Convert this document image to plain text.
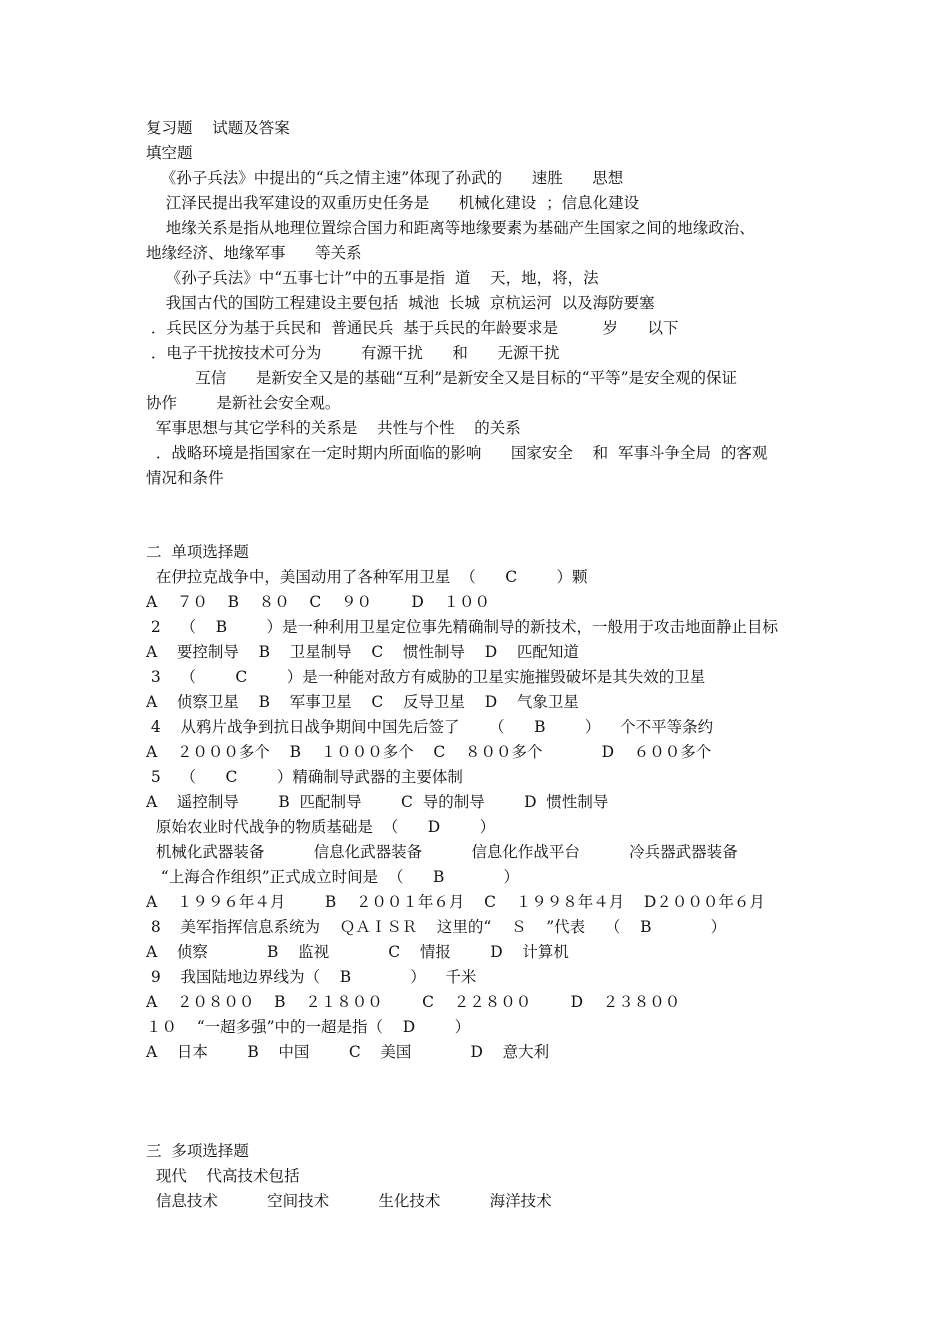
复习题    试题及答案
填空题
《孙子兵法》中提出的“兵之情主速”体现了孙武的      速胜      思想
江泽民提出我军建设的双重历史任务是      机械化建设  ；信息化建设
地缘关系是指从地理位置综合国力和距离等地缘要素为基础产生国家之间的地缘政治、
地缘经济、地缘军事      等关系
《孙子兵法》中“五事七计”中的五事是指  道    天，地，将，法
我国古代的国防工程建设主要包括  城池  长城  京杭运河  以及海防要塞
．兵民区分为基于兵民和  普通民兵  基于兵民的年龄要求是         岁      以下
．电子干扰按技术可分为        有源干扰      和      无源干扰
互信      是新安全又是的基础“互利”是新安全又是目标的“平等”是安全观的保证
协作        是新社会安全观。
军事思想与其它学科的关系是    共性与个性    的关系
．战略环境是指国家在一定时期内所面临的影响      国家安全    和  军事斗争全局  的客观
情况和条件
二  单项选择题
在伊拉克战争中，美国动用了各种军用卫星  （      C        ）颗
A    ７０    B    ８０    C    ９０        D    １００
2    （    B        ）是一种利用卫星定位事先精确制导的新技术，一般用于攻击地面静止目标
A    要控制导    B    卫星制导    C    惯性制导    D    匹配知道
3    （        C        ）是一种能对敌方有威胁的卫星实施摧毁破坏是其失效的卫星
A    侦察卫星    B    军事卫星    C    反导卫星    D    气象卫星
4    从鸦片战争到抗日战争期间中国先后签了      （      B        ）    个不平等条约
A    ２０００多个    B    １０００多个    C    ８００多个            D    ６００多个
5    （      C        ）精确制导武器的主要体制
A    遥控制导        B  匹配制导        C  导的制导        D  惯性制导
原始农业时代战争的物质基础是  （      D        ）
机械化武器装备          信息化武器装备          信息化作战平台          冷兵器武器装备
“上海合作组织”正式成立时间是  （      B            ）
A    １９９６年４月        B    ２００１年６月    C    １９９８年４月    D２０００年６月
8    美军指挥信息系统为    ＱＡＩＳＲ    这里的“    Ｓ    ”代表    （    B            ）
A    侦察            B    监视            C    情报        D    计算机
9    我国陆地边界线为（    B            ）    千米
A    ２０８００    B    ２１８００        C    ２２８００        D    ２３８００
１０    “一超多强”中的一超是指（    D        ）
A    日本        B    中国        C    美国            D    意大利
三  多项选择题
现代    代高技术包括
信息技术          空间技术          生化技术          海洋技术
